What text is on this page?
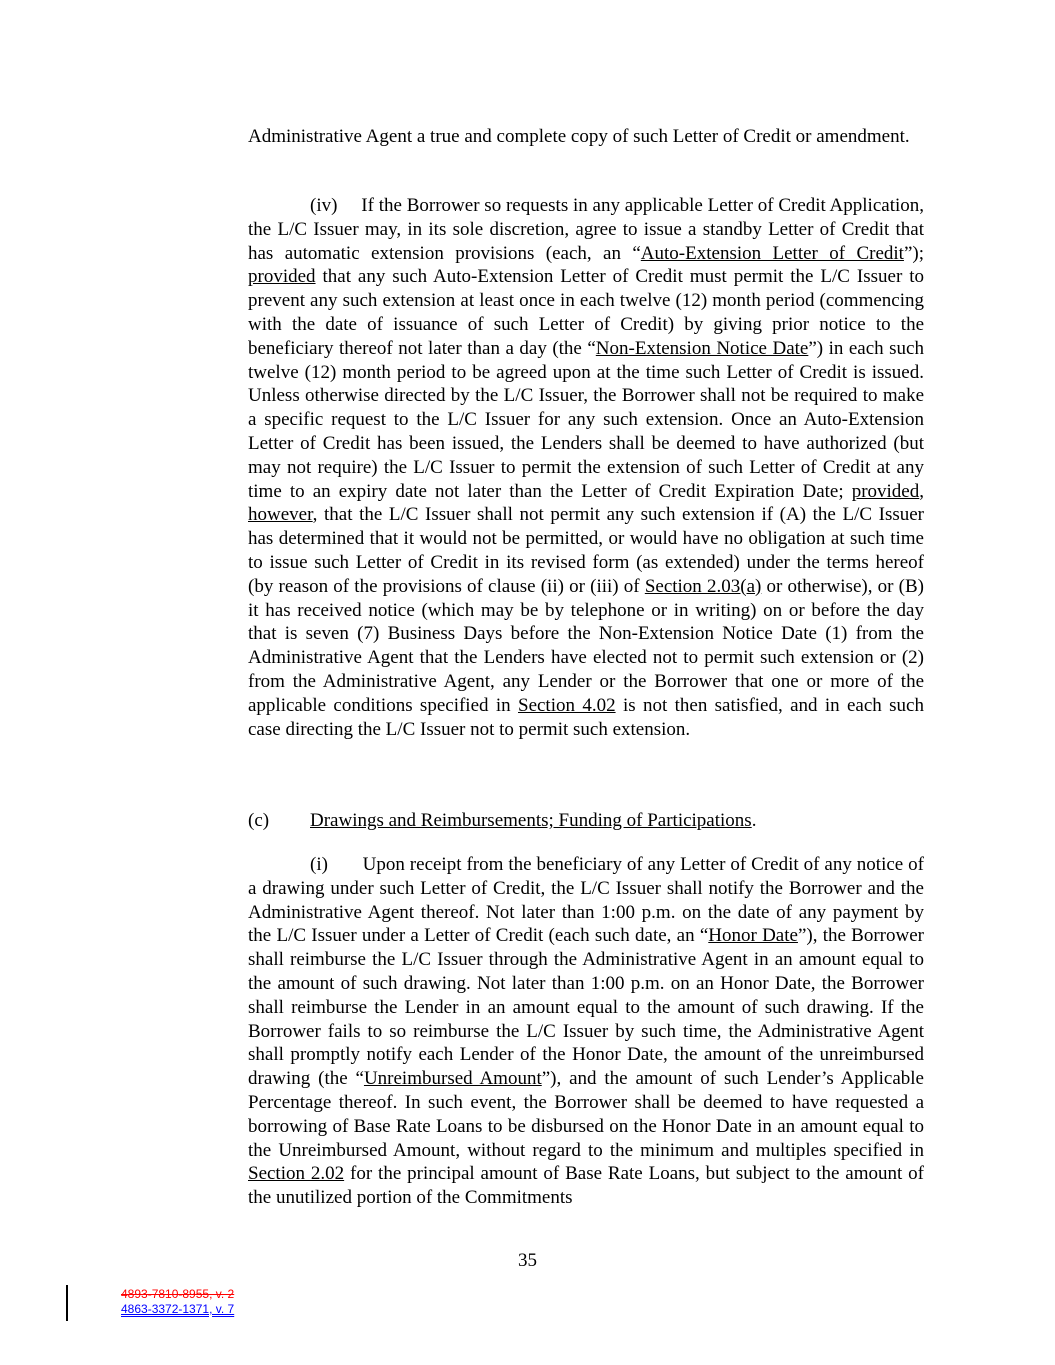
Administrative Agent a true and complete copy of such Letter of Credit or amendment.
(iv)     If the Borrower so requests in any applicable Letter of Credit Application, the L/C Issuer may, in its sole discretion, agree to issue a standby Letter of Credit that has automatic extension provisions (each, an “Auto-Extension Letter of Credit”); provided that any such Auto-Extension Letter of Credit must permit the L/C Issuer to prevent any such extension at least once in each twelve (12) month period (commencing with the date of issuance of such Letter of Credit) by giving prior notice to the beneficiary thereof not later than a day (the “Non-Extension Notice Date”) in each such twelve (12) month period to be agreed upon at the time such Letter of Credit is issued. Unless otherwise directed by the L/C Issuer, the Borrower shall not be required to make a specific request to the L/C Issuer for any such extension. Once an Auto-Extension Letter of Credit has been issued, the Lenders shall be deemed to have authorized (but may not require) the L/C Issuer to permit the extension of such Letter of Credit at any time to an expiry date not later than the Letter of Credit Expiration Date; provided, however, that the L/C Issuer shall not permit any such extension if (A) the L/C Issuer has determined that it would not be permitted, or would have no obligation at such time to issue such Letter of Credit in its revised form (as extended) under the terms hereof (by reason of the provisions of clause (ii) or (iii) of Section 2.03(a) or otherwise), or (B) it has received notice (which may be by telephone or in writing) on or before the day that is seven (7) Business Days before the Non-Extension Notice Date (1) from the Administrative Agent that the Lenders have elected not to permit such extension or (2) from the Administrative Agent, any Lender or the Borrower that one or more of the applicable conditions specified in Section 4.02 is not then satisfied, and in each such case directing the L/C Issuer not to permit such extension.
(c) Drawings and Reimbursements; Funding of Participations.
(i)       Upon receipt from the beneficiary of any Letter of Credit of any notice of a drawing under such Letter of Credit, the L/C Issuer shall notify the Borrower and the Administrative Agent thereof. Not later than 1:00 p.m. on the date of any payment by the L/C Issuer under a Letter of Credit (each such date, an “Honor Date”), the Borrower shall reimburse the L/C Issuer through the Administrative Agent in an amount equal to the amount of such drawing. Not later than 1:00 p.m. on an Honor Date, the Borrower shall reimburse the Lender in an amount equal to the amount of such drawing. If the Borrower fails to so reimburse the L/C Issuer by such time, the Administrative Agent shall promptly notify each Lender of the Honor Date, the amount of the unreimbursed drawing (the “Unreimbursed Amount”), and the amount of such Lender’s Applicable Percentage thereof. In such event, the Borrower shall be deemed to have requested a borrowing of Base Rate Loans to be disbursed on the Honor Date in an amount equal to the Unreimbursed Amount, without regard to the minimum and multiples specified in Section 2.02 for the principal amount of Base Rate Loans, but subject to the amount of the unutilized portion of the Commitments
35
4893-7810-8955, v. 2
4863-3372-1371, v. 7
